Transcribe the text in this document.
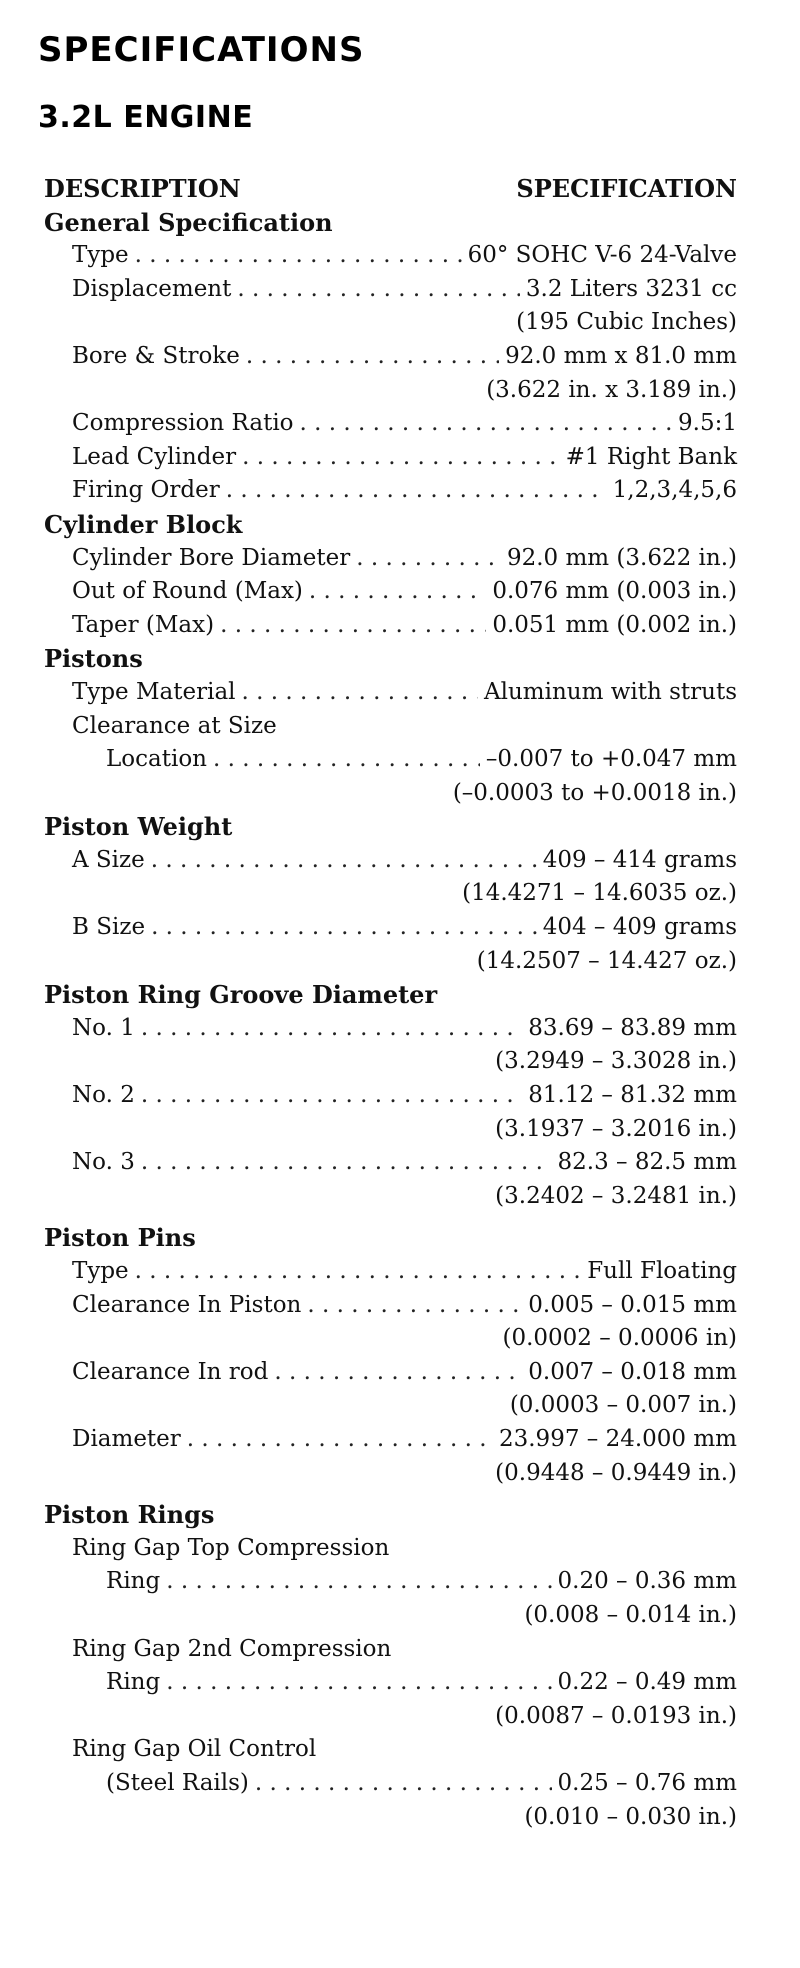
SPECIFICATIONS
3.2L ENGINE
DESCRIPTION	SPECIFICATION
General Specification
Type . . .	60° SOHC V-6 24-Valve
Displacement . . .	3.2 Liters 3231 cc
(195 Cubic Inches)
Bore & Stroke . . .	92.0 mm x 81.0 mm
(3.622 in. x 3.189 in.)
Compression Ratio . . .	9.5:1
Lead Cylinder . . .	#1 Right Bank
Firing Order . . .	1,2,3,4,5,6
Cylinder Block
Cylinder Bore Diameter . . .	92.0 mm (3.622 in.)
Out of Round (Max) . . .	0.076 mm (0.003 in.)
Taper (Max) . . .	0.051 mm (0.002 in.)
Pistons
Type Material . . .	Aluminum with struts
Clearance at Size
Location . . .	–0.007 to +0.047 mm
(–0.0003 to +0.0018 in.)
Piston Weight
A Size . . .	409 – 414 grams
(14.4271 – 14.6035 oz.)
B Size . . .	404 – 409 grams
(14.2507 – 14.427 oz.)
Piston Ring Groove Diameter
No. 1 . . .	83.69 – 83.89 mm
(3.2949 – 3.3028 in.)
No. 2 . . .	81.12 – 81.32 mm
(3.1937 – 3.2016 in.)
No. 3 . . .	82.3 – 82.5 mm
(3.2402 – 3.2481 in.)
Piston Pins
Type . . .	Full Floating
Clearance In Piston . . .	0.005 – 0.015 mm
(0.0002 – 0.0006 in)
Clearance In rod . . .	0.007 – 0.018 mm
(0.0003 – 0.007 in.)
Diameter . . .	23.997 – 24.000 mm
(0.9448 – 0.9449 in.)
Piston Rings
Ring Gap Top Compression
Ring . . .	0.20 – 0.36 mm
(0.008 – 0.014 in.)
Ring Gap 2nd Compression
Ring . . .	0.22 – 0.49 mm
(0.0087 – 0.0193 in.)
Ring Gap Oil Control
(Steel Rails) . . .	0.25 – 0.76 mm
(0.010 – 0.030 in.)
